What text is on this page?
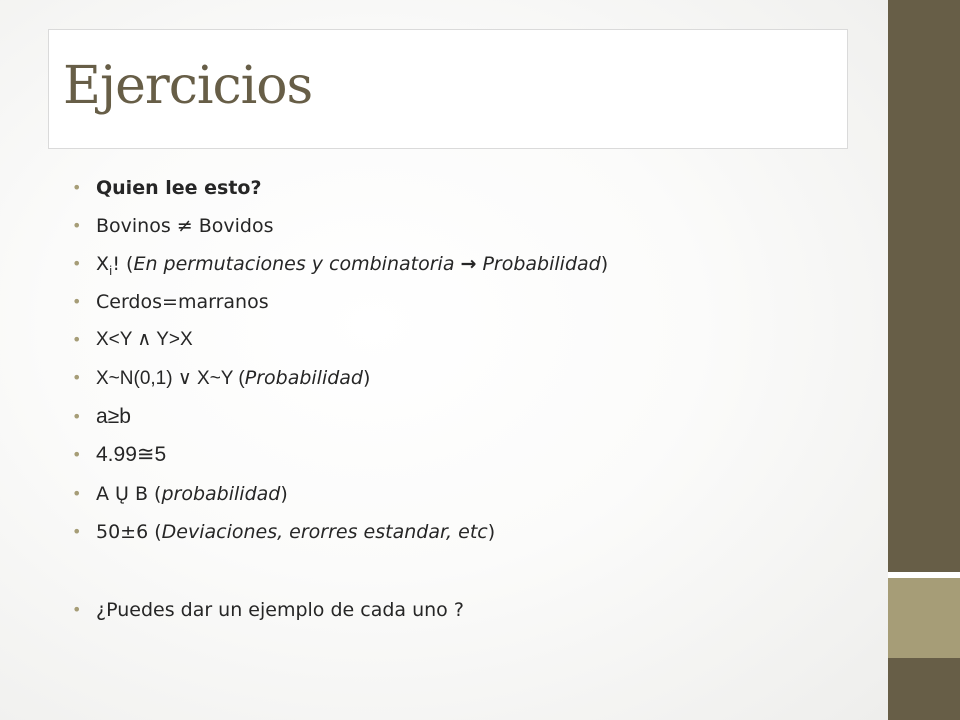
Ejercicios
• Quien lee esto?
• Bovinos ≠ Bovidos
• $X_i$! (En permutaciones y combinatoria → Probabilidad)
• Cerdos=marranos
• X<Y ∧ Y>X
• X~N(0,1) ∨ X~Y (Probabilidad)
• a≥b
• 4.99≅5
• A Ų B (probabilidad)
• 50±6 (Deviaciones, erorres estandar, etc)
• ¿Puedes dar un ejemplo de cada uno ?
